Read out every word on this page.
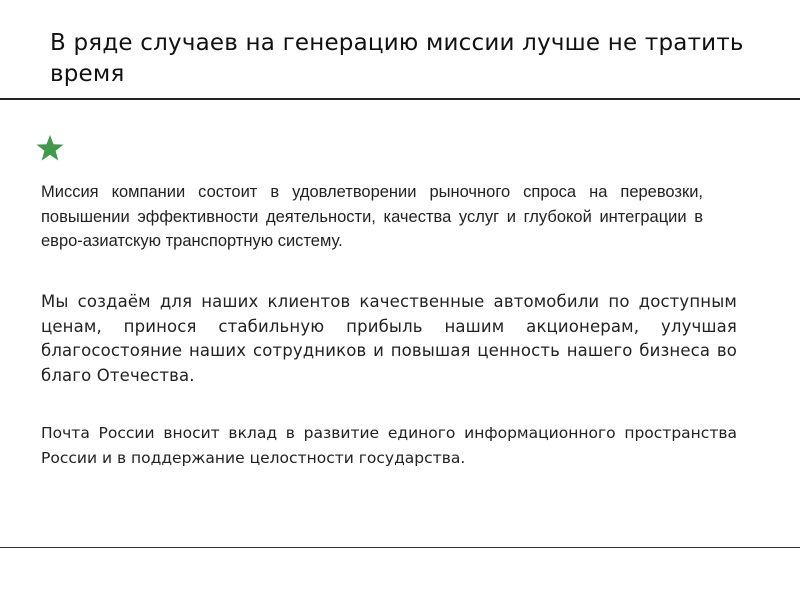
В ряде случаев на генерацию миссии лучше не тратить время
Миссия компании состоит в удовлетворении рыночного спроса на перевозки, повышении эффективности деятельности, качества услуг и глубокой интеграции в евро-азиатскую транспортную систему.
Мы создаём для наших клиентов качественные автомобили по доступным ценам, принося стабильную прибыль нашим акционерам, улучшая благосостояние наших сотрудников и повышая ценность нашего бизнеса во благо Отечества.
Почта России вносит вклад в развитие единого информационного пространства России и в поддержание целостности государства.
